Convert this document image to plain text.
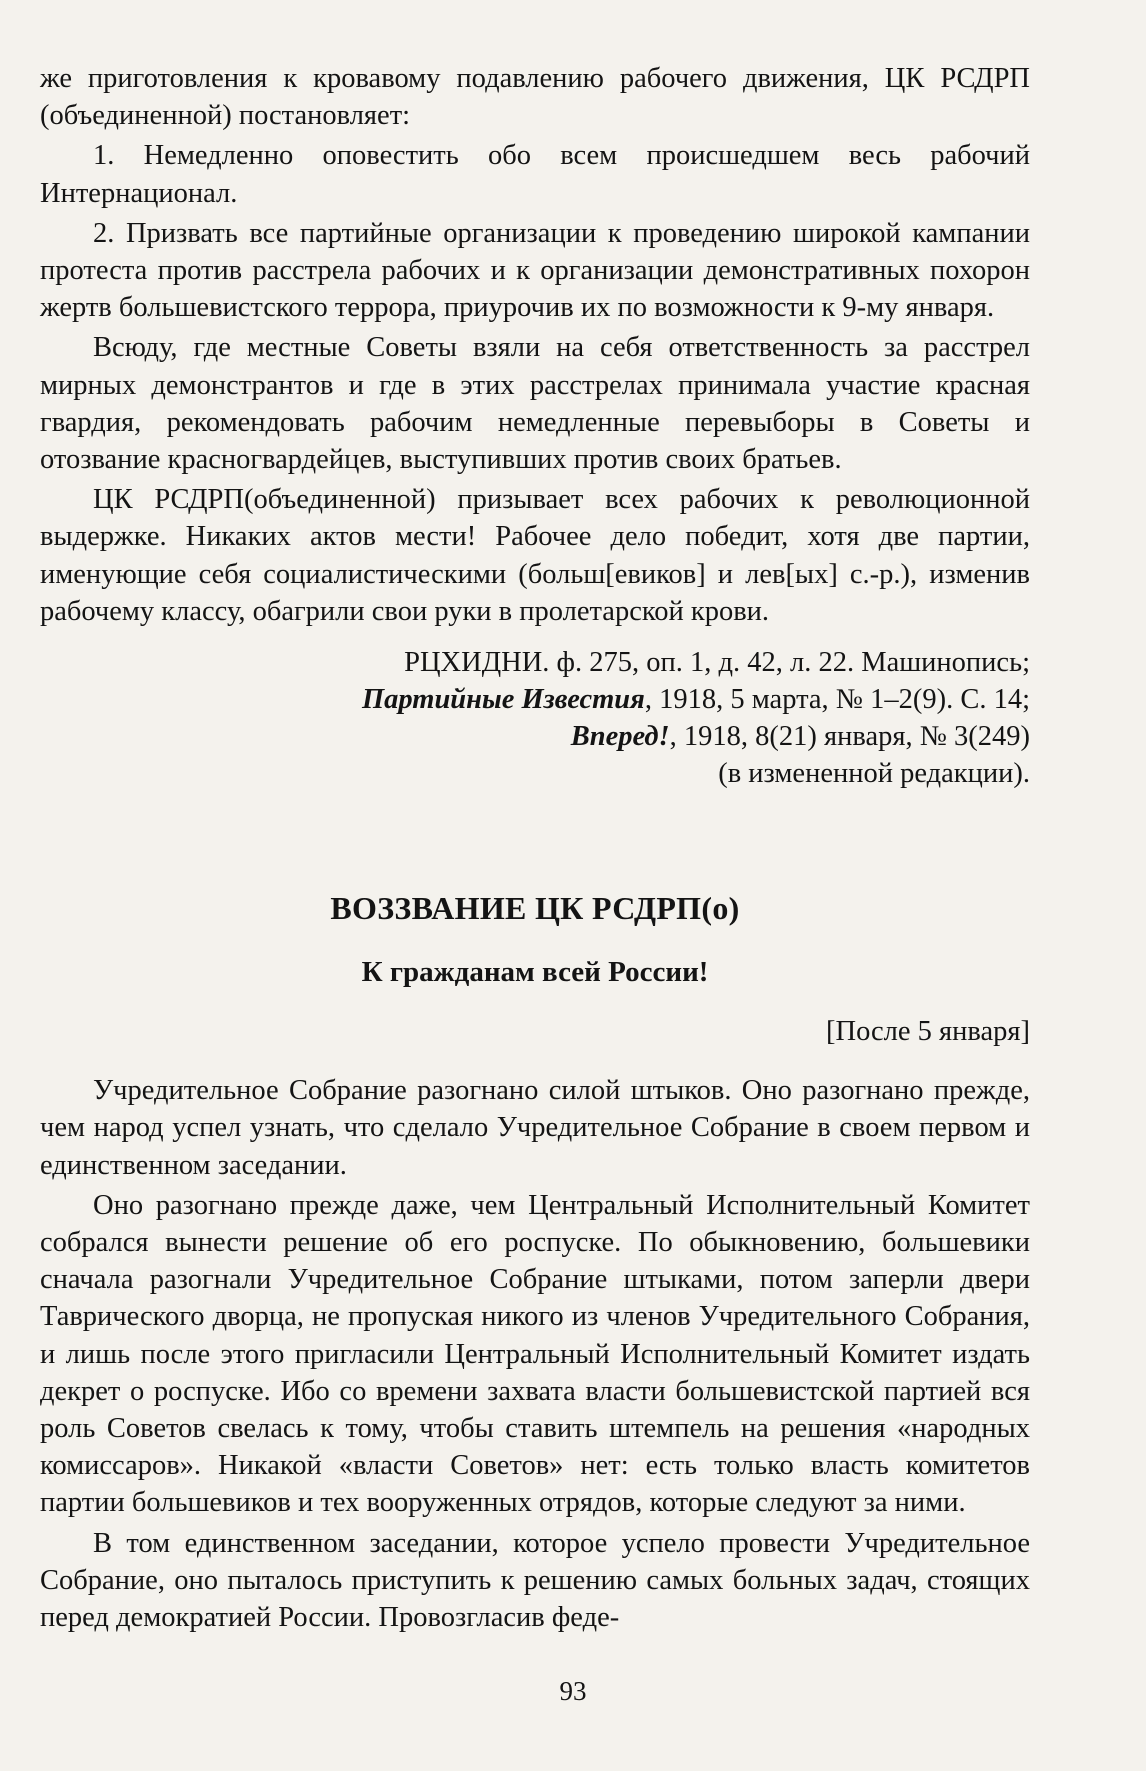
же приготовления к кровавому подавлению рабочего движения, ЦК РСДРП (объединенной) постановляет:

1. Немедленно оповестить обо всем происшедшем весь рабочий Интернационал.

2. Призвать все партийные организации к проведению широкой кампании протеста против расстрела рабочих и к организации демонстративных похорон жертв большевистского террора, приурочив их по возможности к 9-му января.

Всюду, где местные Советы взяли на себя ответственность за расстрел мирных демонстрантов и где в этих расстрелах принимала участие красная гвардия, рекомендовать рабочим немедленные перевыборы в Советы и отозвание красногвардейцев, выступивших против своих братьев.

ЦК РСДРП(объединенной) призывает всех рабочих к революционной выдержке. Никаких актов мести! Рабочее дело победит, хотя две партии, именующие себя социалистическими (больш[евиков] и лев[ых] с.-р.), изменив рабочему классу, обагрили свои руки в пролетарской крови.

РЦХИДНИ. ф. 275, оп. 1, д. 42, л. 22. Машинопись;
Партийные Известия, 1918, 5 марта, № 1–2(9). С. 14;
Вперед!, 1918, 8(21) января, № 3(249)
(в измененной редакции).
ВОЗЗВАНИЕ ЦК РСДРП(о)
К гражданам всей России!
[После 5 января]

Учредительное Собрание разогнано силой штыков. Оно разогнано прежде, чем народ успел узнать, что сделало Учредительное Собрание в своем первом и единственном заседании.

Оно разогнано прежде даже, чем Центральный Исполнительный Комитет собрался вынести решение об его роспуске. По обыкновению, большевики сначала разогнали Учредительное Собрание штыками, потом заперли двери Таврического дворца, не пропуская никого из членов Учредительного Собрания, и лишь после этого пригласили Центральный Исполнительный Комитет издать декрет о роспуске. Ибо со времени захвата власти большевистской партией вся роль Советов свелась к тому, чтобы ставить штемпель на решения «народных комиссаров». Никакой «власти Советов» нет: есть только власть комитетов партии большевиков и тех вооруженных отрядов, которые следуют за ними.

В том единственном заседании, которое успело провести Учредительное Собрание, оно пыталось приступить к решению самых больных задач, стоящих перед демократией России. Провозгласив феде-

93
